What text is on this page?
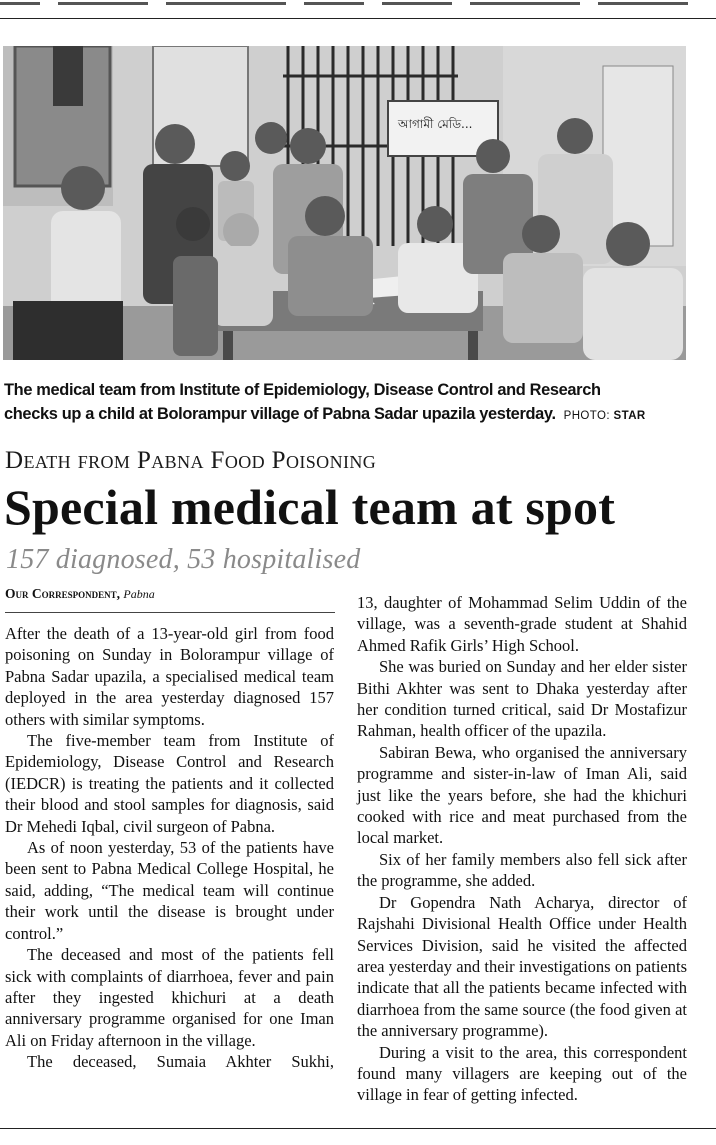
আগামী মেডি...
The medical team from Institute of Epidemiology, Disease Control and Research
checks up a child at Bolorampur village of Pabna Sadar upazila yesterday. PHOTO: STAR
Death from Pabna Food Poisoning
Special medical team at spot
157 diagnosed, 53 hospitalised
Our Correspondent, Pabna

After the death of a 13-year-old girl from food poisoning on Sunday in Bolorampur village of Pabna Sadar upazila, a specialised medical team deployed in the area yesterday diagnosed 157 others with similar symptoms.

The five-member team from Institute of Epidemiology, Disease Control and Research (IEDCR) is treating the patients and it collected their blood and stool samples for diagnosis, said Dr Mehedi Iqbal, civil surgeon of Pabna.

As of noon yesterday, 53 of the patients have been sent to Pabna Medical College Hospital, he said, adding, “The medical team will continue their work until the disease is brought under control.”

The deceased and most of the patients fell sick with complaints of diarrhoea, fever and pain after they ingested khichuri at a death anniversary programme organised for one Iman Ali on Friday afternoon in the village.

The deceased, Sumaia Akhter Sukhi,

13, daughter of Mohammad Selim Uddin of the village, was a seventh-grade student at Shahid Ahmed Rafik Girls’ High School.

She was buried on Sunday and her elder sister Bithi Akhter was sent to Dhaka yesterday after her condition turned critical, said Dr Mostafizur Rahman, health officer of the upazila.

Sabiran Bewa, who organised the anniversary programme and sister-in-law of Iman Ali, said just like the years before, she had the khichuri cooked with rice and meat purchased from the local market.

Six of her family members also fell sick after the programme, she added.

Dr Gopendra Nath Acharya, director of Rajshahi Divisional Health Office under Health Services Division, said he visited the affected area yesterday and their investigations on patients indicate that all the patients became infected with diarrhoea from the same source (the food given at the anniversary programme).

During a visit to the area, this correspondent found many villagers are keeping out of the village in fear of getting infected.
